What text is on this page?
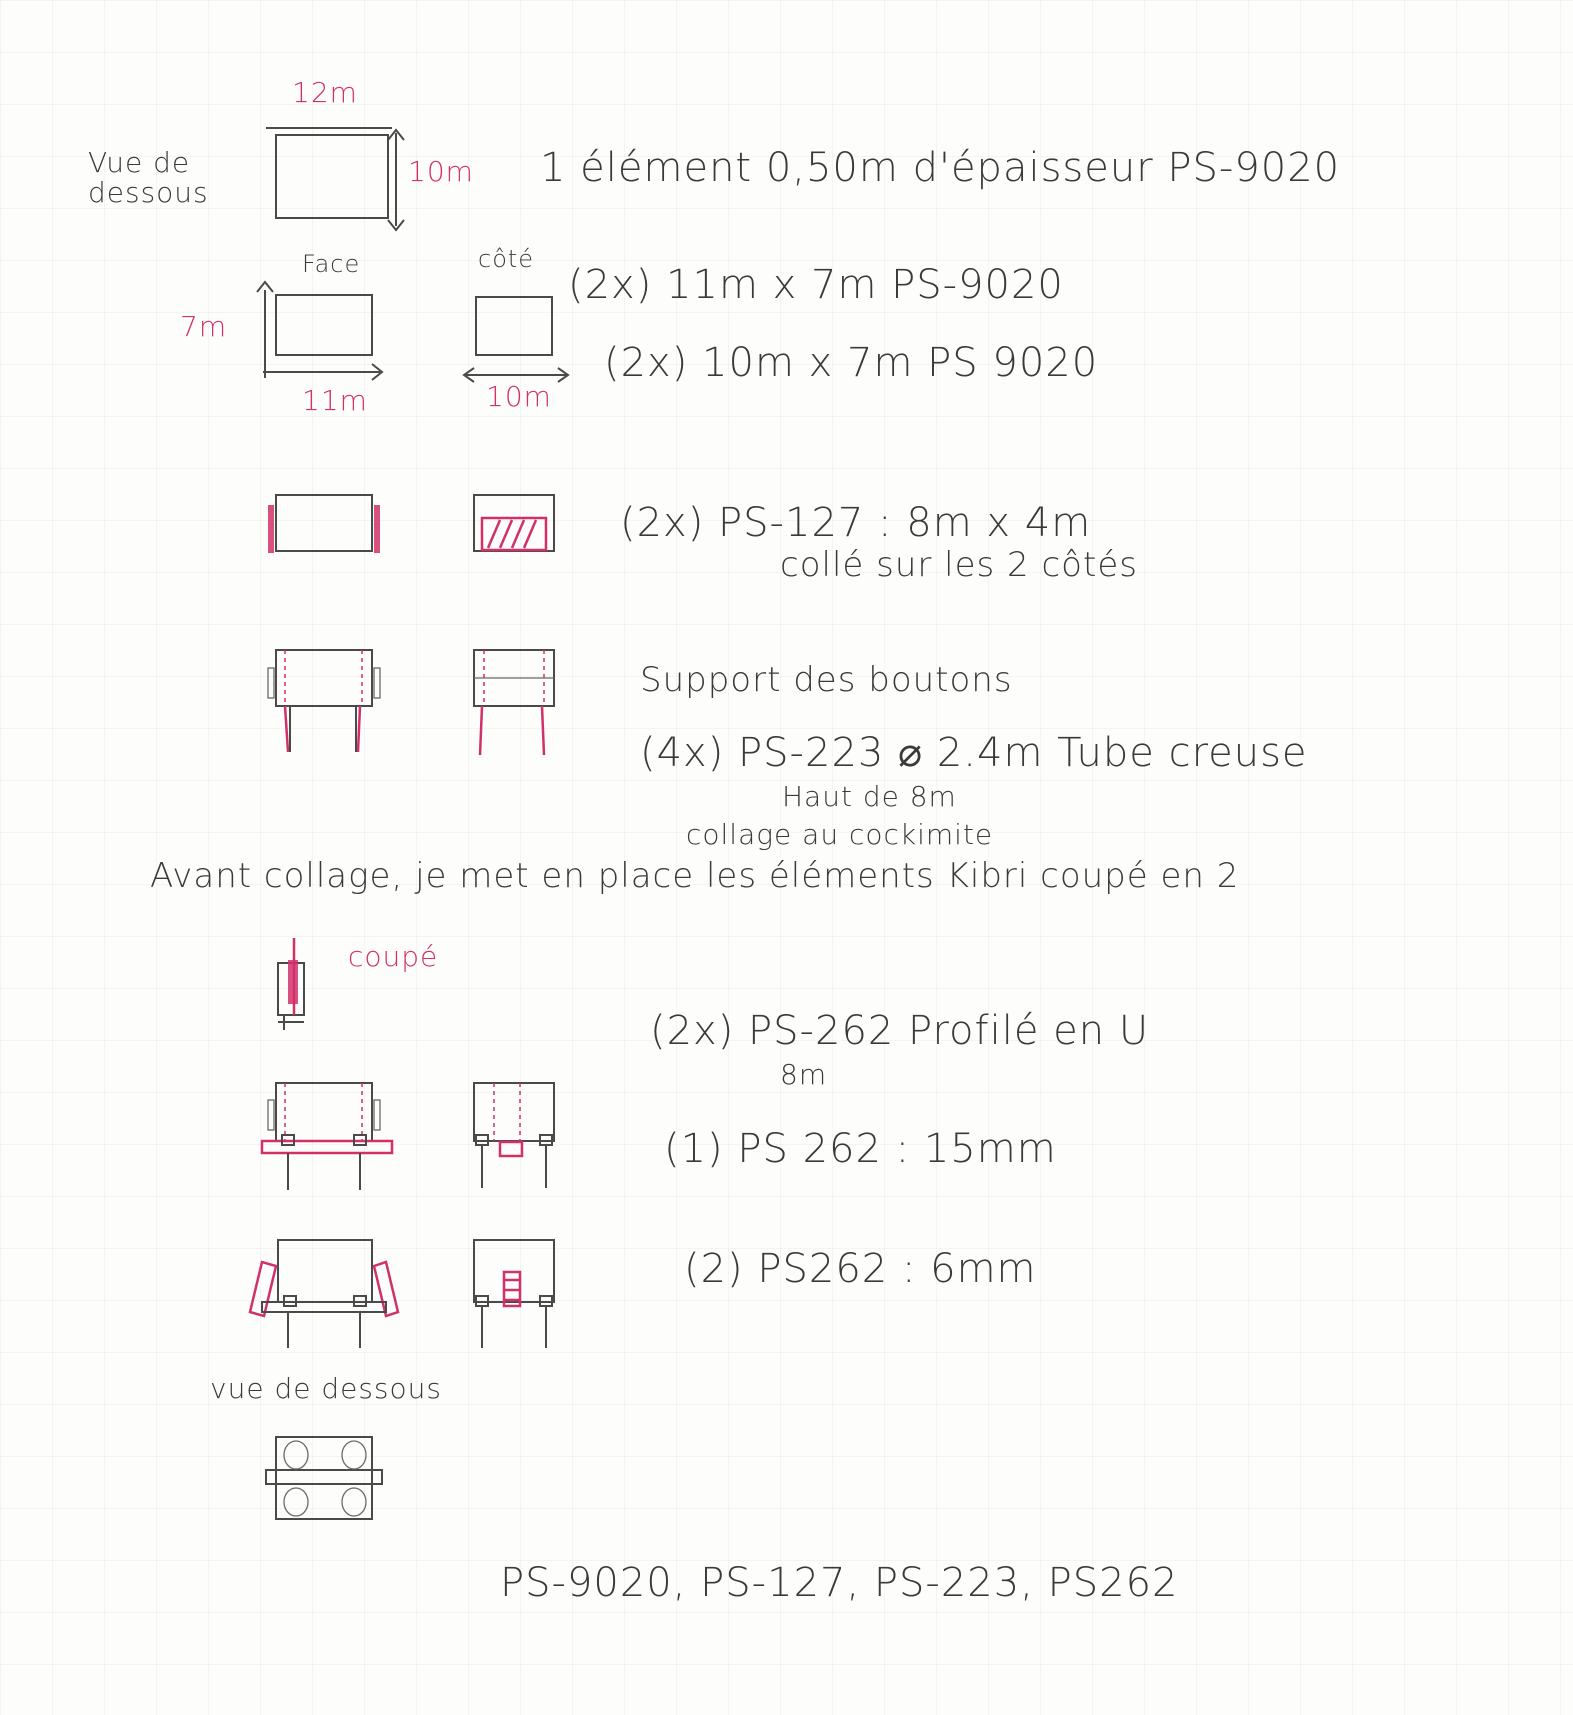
12m
Vue de dessous
10m 1 élément 0,50m d'épaisseur PS-9020
Face	côté
7m
11m	10m
(2x) 11m x 7m PS-9020
(2x) 10m x 7m PS 9020
(2x) PS-127 : 8m x 4m
collé sur les 2 côtés
Support des boutons
(4x) PS-223 ⌀ 2.4m Tube creuse
Haut de 8m
collage au cockimite
Avant collage, je met en place les éléments Kibri coupé en 2
coupé
(2x) PS-262 Profilé en U
8m
(1) PS 262 : 15mm
(2) PS262 : 6mm
vue de dessous
PS-9020, PS-127, PS-223, PS262
